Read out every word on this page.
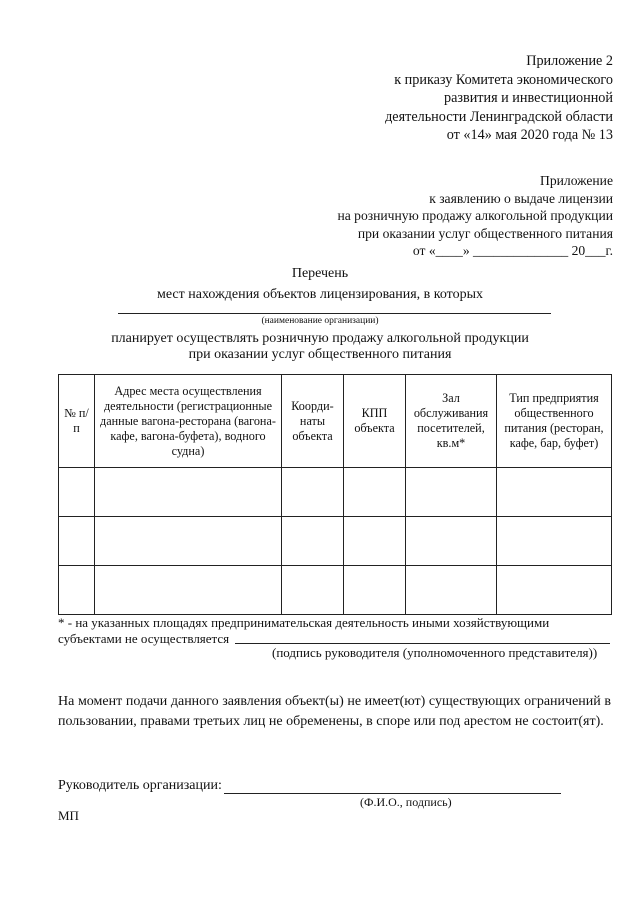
Приложение 2
к приказу Комитета экономического
развития и инвестиционной
деятельности Ленинградской области
от «14» мая 2020 года № 13
Приложение
к заявлению о выдаче лицензии
на розничную продажу алкогольной продукции
при оказании услуг общественного питания
от «____» ______________ 20___г.
Перечень
мест нахождения объектов лицензирования, в которых
(наименование организации)
планирует осуществлять розничную продажу алкогольной продукции
при оказании услуг общественного питания
№ п/п	Адрес места осуществления деятельности (регистрационные данные вагона-ресторана (вагона-кафе, вагона-буфета), водного судна)	Коорди-наты объекта	КПП объекта	Зал обслуживания посетителей, кв.м*	Тип предприятия общественного питания (ресторан, кафе, бар, буфет)

* - на указанных площадях предпринимательская деятельность иными хозяйствующими
субъектами не осуществляется
(подпись руководителя (уполномоченного представителя))
На момент подачи данного заявления объект(ы) не имеет(ют) существующих ограничений в пользовании, правами третьих лиц не обременены, в споре или под арестом не состоит(ят).
Руководитель организации:
(Ф.И.О., подпись)
МП
